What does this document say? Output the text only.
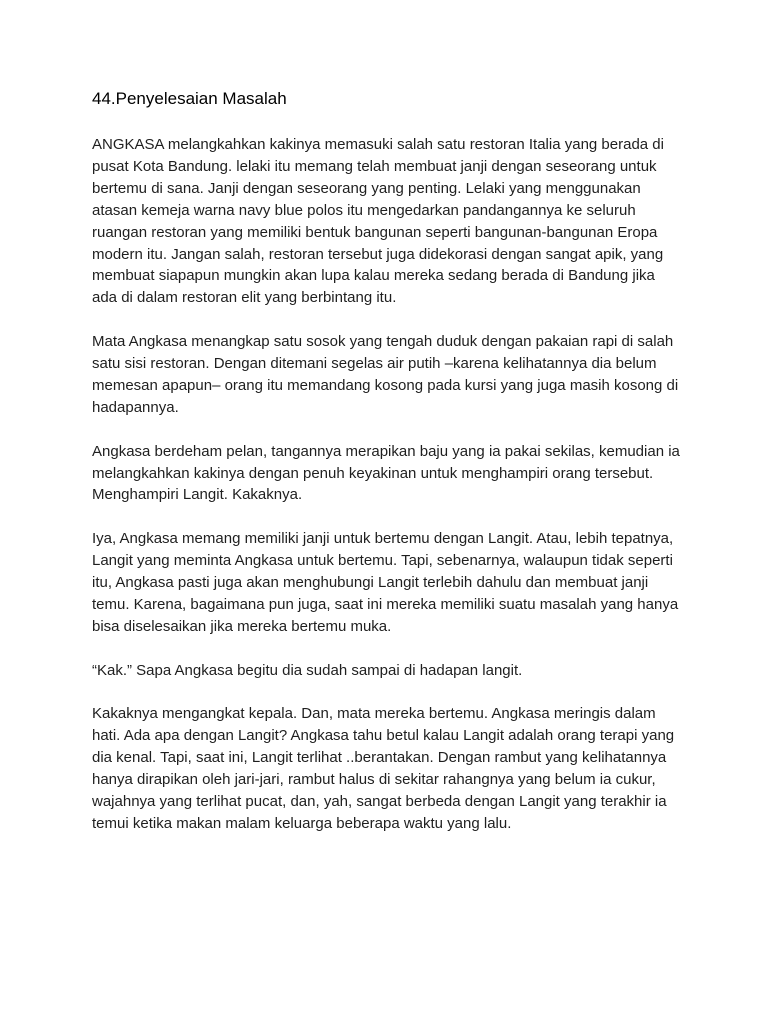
44.Penyelesaian Masalah

ANGKASA melangkahkan kakinya memasuki salah satu restoran Italia yang berada di pusat Kota Bandung. lelaki itu memang telah membuat janji dengan seseorang untuk bertemu di sana. Janji dengan seseorang yang penting. Lelaki yang menggunakan atasan kemeja warna navy blue polos itu mengedarkan pandangannya ke seluruh ruangan restoran yang memiliki bentuk bangunan seperti bangunan-bangunan Eropa modern itu. Jangan salah, restoran tersebut juga didekorasi dengan sangat apik, yang membuat siapapun mungkin akan lupa kalau mereka sedang berada di Bandung jika ada di dalam restoran elit yang berbintang itu.

Mata Angkasa menangkap satu sosok yang tengah duduk dengan pakaian rapi di salah satu sisi restoran. Dengan ditemani segelas air putih –karena kelihatannya dia belum memesan apapun– orang itu memandang kosong pada kursi yang juga masih kosong di hadapannya.

Angkasa berdeham pelan, tangannya merapikan baju yang ia pakai sekilas, kemudian ia melangkahkan kakinya dengan penuh keyakinan untuk menghampiri orang tersebut. Menghampiri Langit. Kakaknya.

Iya, Angkasa memang memiliki janji untuk bertemu dengan Langit. Atau, lebih tepatnya, Langit yang meminta Angkasa untuk bertemu. Tapi, sebenarnya, walaupun tidak seperti itu, Angkasa pasti juga akan menghubungi Langit terlebih dahulu dan membuat janji temu. Karena, bagaimana pun juga, saat ini mereka memiliki suatu masalah yang hanya bisa diselesaikan jika mereka bertemu muka.

“Kak.” Sapa Angkasa begitu dia sudah sampai di hadapan langit.

Kakaknya mengangkat kepala. Dan, mata mereka bertemu. Angkasa meringis dalam hati. Ada apa dengan Langit? Angkasa tahu betul kalau Langit adalah orang terapi yang dia kenal. Tapi, saat ini, Langit terlihat ..berantakan. Dengan rambut yang kelihatannya hanya dirapikan oleh jari-jari, rambut halus di sekitar rahangnya yang belum ia cukur, wajahnya yang terlihat pucat, dan, yah, sangat berbeda dengan Langit yang terakhir ia temui ketika makan malam keluarga beberapa waktu yang lalu.
